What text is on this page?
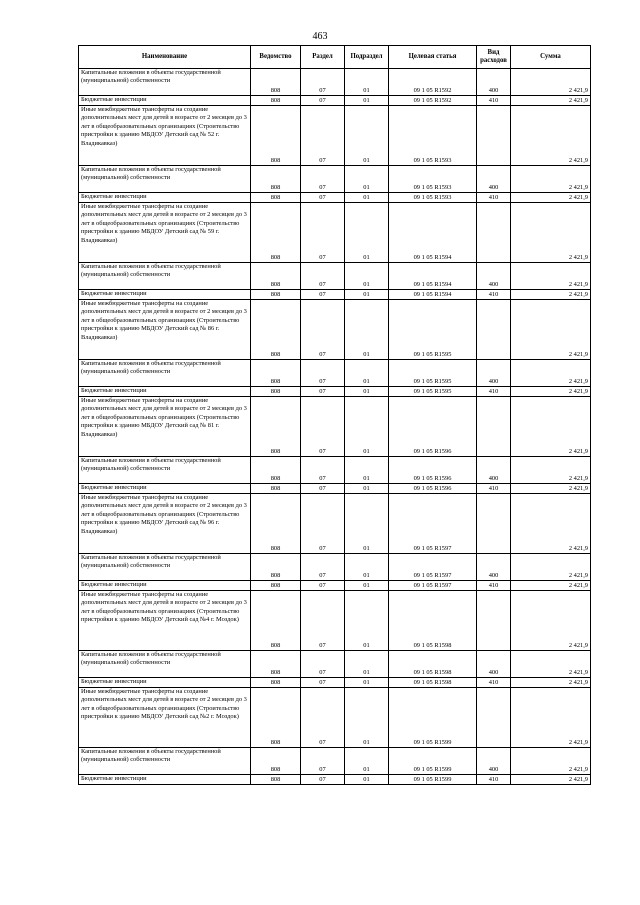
463
Наименование	Ведомство	Раздел	Подраздел	Целевая статья	Вид расходов	Сумма
Капитальные вложения в объекты государственной (муниципальной) собственности	808	07	01	09 1 05 R1592	400	2 421,9
Бюджетные инвестиции	808	07	01	09 1 05 R1592	410	2 421,9
Иные межбюджетные трансферты на создание дополнительных мест для детей в возрасте от 2 месяцев до 3 лет в общеобразовательных организациях (Строительство пристройки к зданию МБДОУ Детский сад № 52 г. Владикавказ)	808	07	01	09 1 05 R1593		2 421,9
Капитальные вложения в объекты государственной (муниципальной) собственности	808	07	01	09 1 05 R1593	400	2 421,9
Бюджетные инвестиции	808	07	01	09 1 05 R1593	410	2 421,9
Иные межбюджетные трансферты на создание дополнительных мест для детей в возрасте от 2 месяцев до 3 лет в общеобразовательных организациях (Строительство пристройки к зданию МБДОУ Детский сад № 59 г. Владикавказ)	808	07	01	09 1 05 R1594		2 421,9
Капитальные вложения в объекты государственной (муниципальной) собственности	808	07	01	09 1 05 R1594	400	2 421,9
Бюджетные инвестиции	808	07	01	09 1 05 R1594	410	2 421,9
Иные межбюджетные трансферты на создание дополнительных мест для детей в возрасте от 2 месяцев до 3 лет в общеобразовательных организациях (Строительство пристройки к зданию МБДОУ Детский сад № 86 г. Владикавказ)	808	07	01	09 1 05 R1595		2 421,9
Капитальные вложения в объекты государственной (муниципальной) собственности	808	07	01	09 1 05 R1595	400	2 421,9
Бюджетные инвестиции	808	07	01	09 1 05 R1595	410	2 421,9
Иные межбюджетные трансферты на создание дополнительных мест для детей в возрасте от 2 месяцев до 3 лет в общеобразовательных организациях (Строительство пристройки к зданию МБДОУ Детский сад № 81 г. Владикавказ)	808	07	01	09 1 05 R1596		2 421,9
Капитальные вложения в объекты государственной (муниципальной) собственности	808	07	01	09 1 05 R1596	400	2 421,9
Бюджетные инвестиции	808	07	01	09 1 05 R1596	410	2 421,9
Иные межбюджетные трансферты на создание дополнительных мест для детей в возрасте от 2 месяцев до 3 лет в общеобразовательных организациях (Строительство пристройки к зданию МБДОУ Детский сад № 96 г. Владикавказ)	808	07	01	09 1 05 R1597		2 421,9
Капитальные вложения в объекты государственной (муниципальной) собственности	808	07	01	09 1 05 R1597	400	2 421,9
Бюджетные инвестиции	808	07	01	09 1 05 R1597	410	2 421,9
Иные межбюджетные трансферты на создание дополнительных мест для детей в возрасте от 2 месяцев до 3 лет в общеобразовательных организациях (Строительство пристройки к зданию МБДОУ Детский сад №4 г. Моздок)	808	07	01	09 1 05 R1598		2 421,9
Капитальные вложения в объекты государственной (муниципальной) собственности	808	07	01	09 1 05 R1598	400	2 421,9
Бюджетные инвестиции	808	07	01	09 1 05 R1598	410	2 421,9
Иные межбюджетные трансферты на создание дополнительных мест для детей в возрасте от 2 месяцев до 3 лет в общеобразовательных организациях (Строительство пристройки к зданию МБДОУ Детский сад №2 г. Моздок)	808	07	01	09 1 05 R1599		2 421,9
Капитальные вложения в объекты государственной (муниципальной) собственности	808	07	01	09 1 05 R1599	400	2 421,9
Бюджетные инвестиции	808	07	01	09 1 05 R1599	410	2 421,9
